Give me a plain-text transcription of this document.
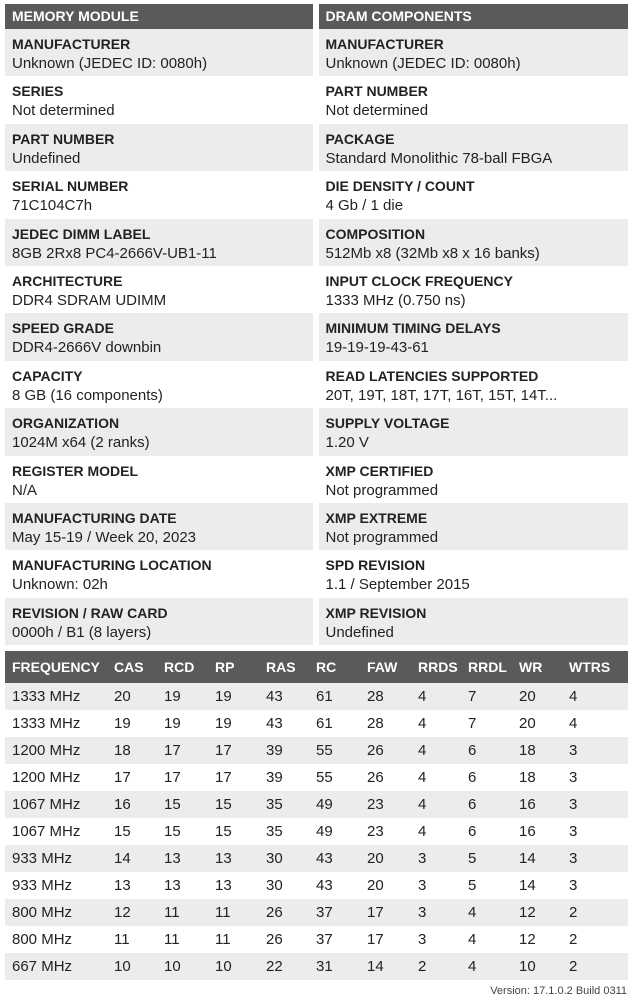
MEMORY MODULE
MANUFACTURER
Unknown (JEDEC ID: 0080h)
SERIES
Not determined
PART NUMBER
Undefined
SERIAL NUMBER
71C104C7h
JEDEC DIMM LABEL
8GB 2Rx8 PC4-2666V-UB1-11
ARCHITECTURE
DDR4 SDRAM UDIMM
SPEED GRADE
DDR4-2666V downbin
CAPACITY
8 GB (16 components)
ORGANIZATION
1024M x64 (2 ranks)
REGISTER MODEL
N/A
MANUFACTURING DATE
May 15-19 / Week 20, 2023
MANUFACTURING LOCATION
Unknown: 02h
REVISION / RAW CARD
0000h / B1 (8 layers)
DRAM COMPONENTS
MANUFACTURER
Unknown (JEDEC ID: 0080h)
PART NUMBER
Not determined
PACKAGE
Standard Monolithic 78-ball FBGA
DIE DENSITY / COUNT
4 Gb / 1 die
COMPOSITION
512Mb x8 (32Mb x8 x 16 banks)
INPUT CLOCK FREQUENCY
1333 MHz (0.750 ns)
MINIMUM TIMING DELAYS
19-19-19-43-61
READ LATENCIES SUPPORTED
20T, 19T, 18T, 17T, 16T, 15T, 14T...
SUPPLY VOLTAGE
1.20 V
XMP CERTIFIED
Not programmed
XMP EXTREME
Not programmed
SPD REVISION
1.1 / September 2015
XMP REVISION
Undefined
FREQUENCY	CAS	RCD	RP	RAS	RC	FAW	RRDS	RRDL	WR	WTRS
1333 MHz	20	19	19	43	61	28	4	7	20	4
1333 MHz	19	19	19	43	61	28	4	7	20	4
1200 MHz	18	17	17	39	55	26	4	6	18	3
1200 MHz	17	17	17	39	55	26	4	6	18	3
1067 MHz	16	15	15	35	49	23	4	6	16	3
1067 MHz	15	15	15	35	49	23	4	6	16	3
933 MHz	14	13	13	30	43	20	3	5	14	3
933 MHz	13	13	13	30	43	20	3	5	14	3
800 MHz	12	11	11	26	37	17	3	4	12	2
800 MHz	11	11	11	26	37	17	3	4	12	2
667 MHz	10	10	10	22	31	14	2	4	10	2
Version: 17.1.0.2 Build 0311
